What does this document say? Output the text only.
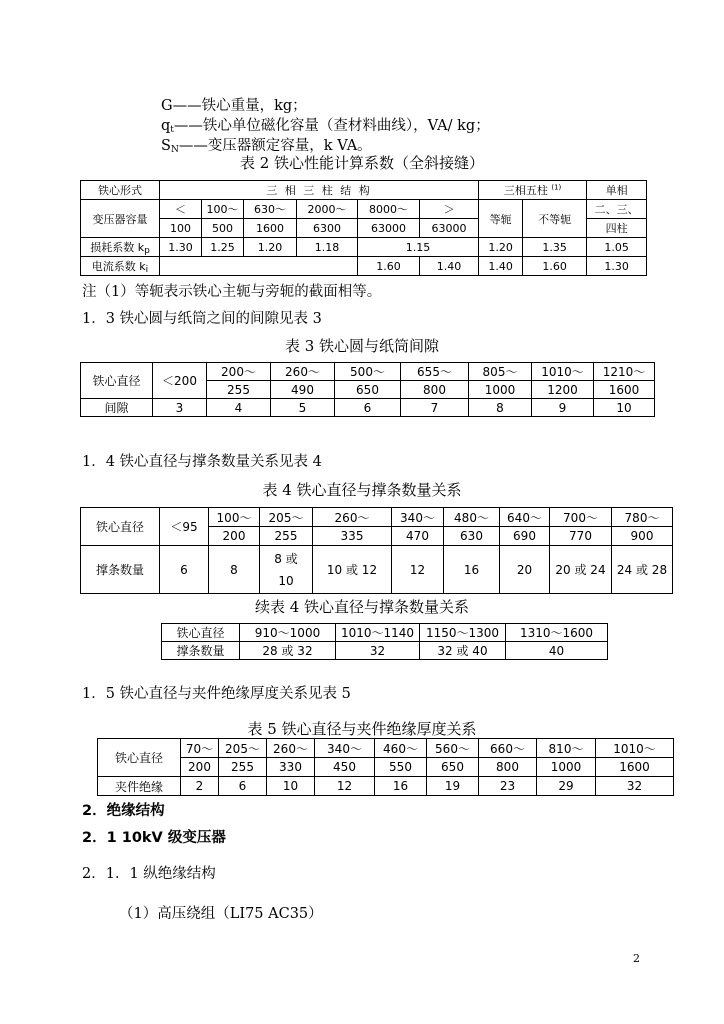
G——铁心重量，kg；
$q_t——$铁心单位磁化容量（查材料曲线），VA/ kg；
$S_N——$变压器额定容量，k VA。
表 2 铁心性能计算系数（全斜接缝）
铁心形式	三 相 三 柱 结 构						三相五柱 $^{(1)}$		单相
变压器容量	＜	100～	630～	2000～	8000～	＞	等轭	不等轭	二、三、
	100	500	1600	6300	63000	63000			四柱
损耗系数 $k_p$	1.30	1.25	1.20	1.18	1.15		1.20	1.35	1.05
电流系数 $k_i$					1.60	1.40	1.40	1.60	1.30
注（1）等轭表示铁心主轭与旁轭的截面相等。
1．3 铁心圆与纸筒之间的间隙见表 3
表 3 铁心圆与纸筒间隙
铁心直径	＜200	200～	260～	500～	655～	805～	1010～	1210～
		255	490	650	800	1000	1200	1600
间隙	3	4	5	6	7	8	9	10
1．4 铁心直径与撑条数量关系见表 4
表 4 铁心直径与撑条数量关系
铁心直径	＜95	100～	205～	260～	340～	480～	640～	700～	780～
		200	255	335	470	630	690	770	900
撑条数量	6	8	8 或
10	10 或 12	12	16	20	20 或 24	24 或 28
续表 4 铁心直径与撑条数量关系
铁心直径	910～1000	1010～1140	1150～1300	1310～1600
撑条数量	28 或 32	32	32 或 40	40
1．5 铁心直径与夹件绝缘厚度关系见表 5
表 5 铁心直径与夹件绝缘厚度关系
铁心直径	70～	205～	260～	340～	460～	560～	660～	810～	1010～
	200	255	330	450	550	650	800	1000	1600
夹件绝缘	2	6	10	12	16	19	23	29	32
2．绝缘结构
2．1 10kV 级变压器
2．1．1 纵绝缘结构
（1）高压绕组（LI75 AC35）
2
